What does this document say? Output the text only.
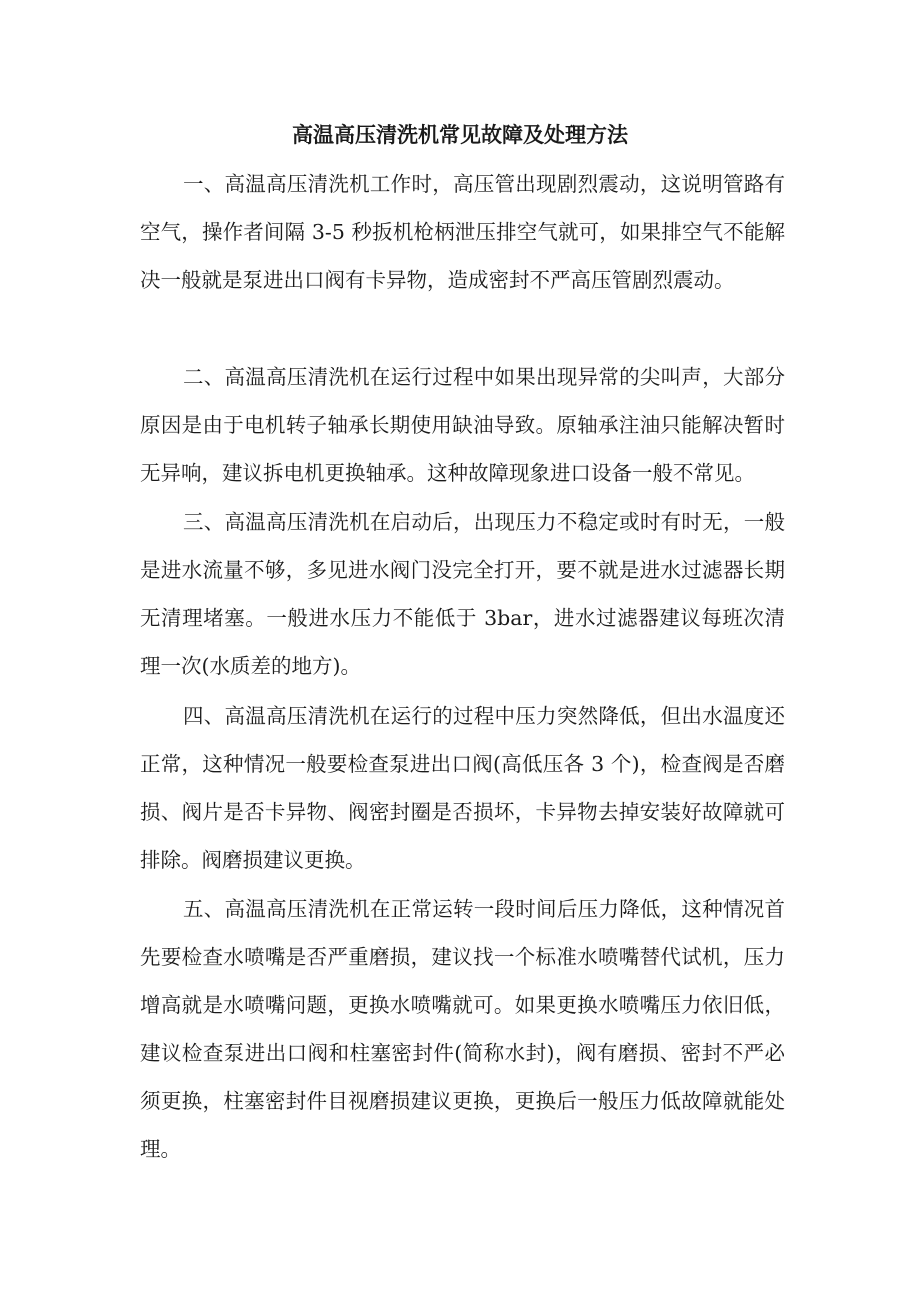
高温高压清洗机常见故障及处理方法

一、高温高压清洗机工作时，高压管出现剧烈震动，这说明管路有空气，操作者间隔 3-5 秒扳机枪柄泄压排空气就可，如果排空气不能解决一般就是泵进出口阀有卡异物，造成密封不严高压管剧烈震动。

二、高温高压清洗机在运行过程中如果出现异常的尖叫声，大部分原因是由于电机转子轴承长期使用缺油导致。原轴承注油只能解决暂时无异响，建议拆电机更换轴承。这种故障现象进口设备一般不常见。

三、高温高压清洗机在启动后，出现压力不稳定或时有时无，一般是进水流量不够，多见进水阀门没完全打开，要不就是进水过滤器长期无清理堵塞。一般进水压力不能低于 3bar，进水过滤器建议每班次清理一次(水质差的地方)。

四、高温高压清洗机在运行的过程中压力突然降低，但出水温度还正常，这种情况一般要检查泵进出口阀(高低压各 3 个)，检查阀是否磨损、阀片是否卡异物、阀密封圈是否损坏，卡异物去掉安装好故障就可排除。阀磨损建议更换。

五、高温高压清洗机在正常运转一段时间后压力降低，这种情况首先要检查水喷嘴是否严重磨损，建议找一个标准水喷嘴替代试机，压力增高就是水喷嘴问题，更换水喷嘴就可。如果更换水喷嘴压力依旧低，建议检查泵进出口阀和柱塞密封件(简称水封)，阀有磨损、密封不严必须更换，柱塞密封件目视磨损建议更换，更换后一般压力低故障就能处理。
